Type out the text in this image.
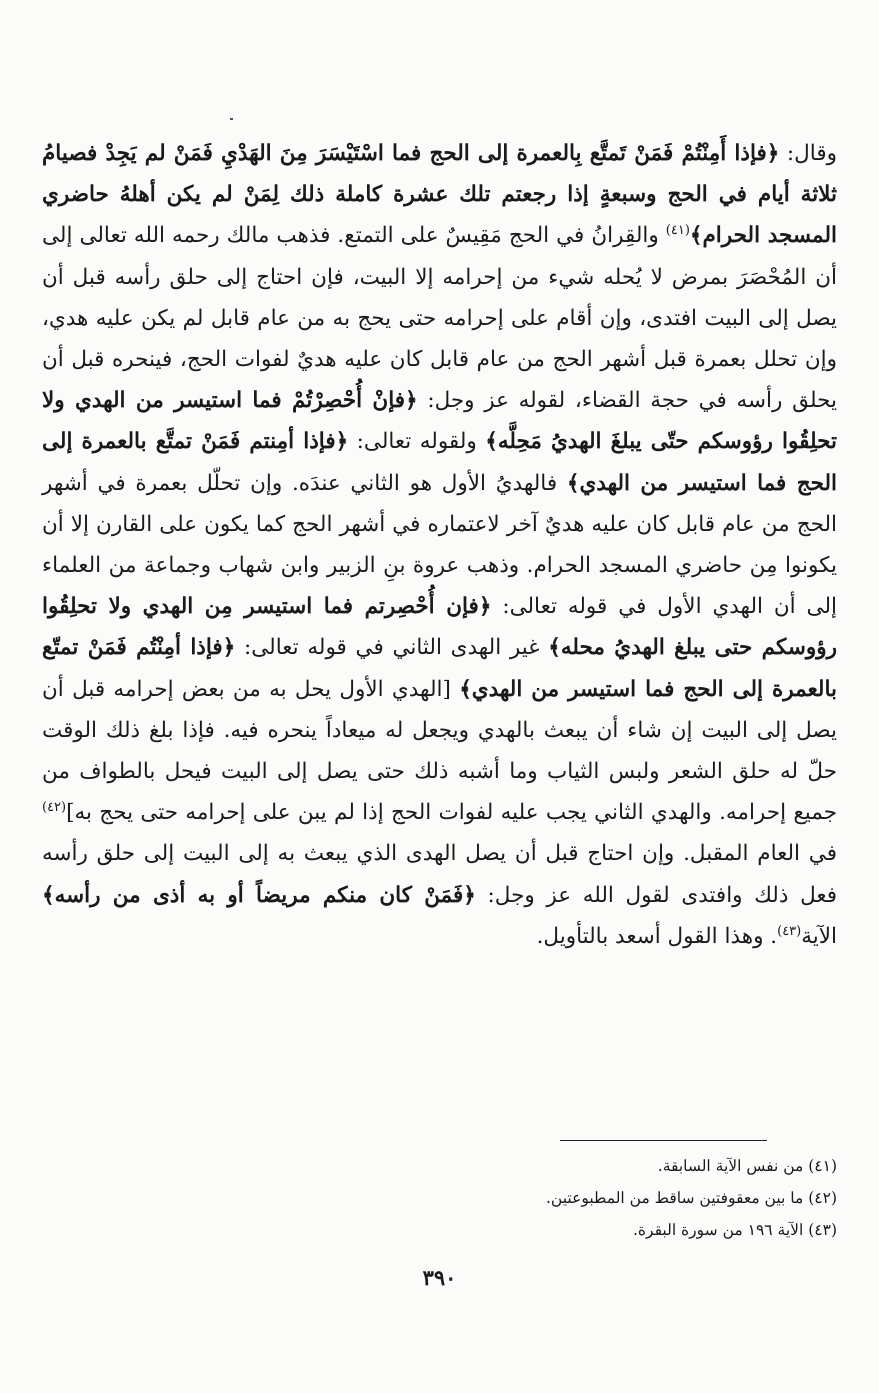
وقال: ﴿فإذا أَمِنْتُمْ فَمَنْ تَمتَّع بِالعمرة إلى الحج فما اسْتَيْسَرَ مِنَ الهَدْيِ فَمَنْ لم يَجِدْ فصيامُ ثلاثة أيام في الحج وسبعةٍ إذا رجعتم تلك عشرة كاملة ذلك لِمَنْ لم يكن أهلهُ حاضري المسجد الحرام﴾$^{(٤١)}$ والقِرانُ في الحج مَقِيسٌ على التمتع. فذهب مالك رحمه الله تعالى إلى أن المُحْصَرَ بمرض لا يُحله شيء من إحرامه إلا البيت، فإن احتاج إلى حلق رأسه قبل أن يصل إلى البيت افتدى، وإن أقام على إحرامه حتى يحج به من عام قابل لم يكن عليه هدي، وإن تحلل بعمرة قبل أشهر الحج من عام قابل كان عليه هديٌ لفوات الحج، فينحره قبل أن يحلق رأسه في حجة القضاء، لقوله عز وجل: ﴿فإنْ أُحْصِرْتُمْ فما استيسر من الهدي ولا تحلِقُوا رؤوسكم حتّى يبلغَ الهديُ مَحِلَّه﴾ ولقوله تعالى: ﴿فإذا أمِنتم فَمَنْ تمتَّع بالعمرة إلى الحج فما استيسر من الهدي﴾ فالهديُ الأول هو الثاني عندَه. وإن تحلّل بعمرة في أشهر الحج من عام قابل كان عليه هديٌ آخر لاعتماره في أشهر الحج كما يكون على القارن إلا أن يكونوا مِن حاضري المسجد الحرام. وذهب عروة بنِ الزبير وابن شهاب وجماعة من العلماء إلى أن الهدي الأول في قوله تعالى: ﴿فإن أُحْصِرتم فما استيسر مِن الهدي ولا تحلِقُوا رؤوسكم حتى يبلغ الهديُ محله﴾ غير الهدى الثاني في قوله تعالى: ﴿فإذا أمِنْتُم فَمَنْ تمتّع بالعمرة إلى الحج فما استيسر من الهدي﴾ [الهدي الأول يحل به من بعض إحرامه قبل أن يصل إلى البيت إن شاء أن يبعث بالهدي ويجعل له ميعاداً ينحره فيه. فإذا بلغ ذلك الوقت حلّ له حلق الشعر ولبس الثياب وما أشبه ذلك حتى يصل إلى البيت فيحل بالطواف من جميع إحرامه. والهدي الثاني يجب عليه لفوات الحج إذا لم يبن على إحرامه حتى يحج به]$^{(٤٢)}$ في العام المقبل. وإن احتاج قبل أن يصل الهدى الذي يبعث به إلى البيت إلى حلق رأسه فعل ذلك وافتدى لقول الله عز وجل: ﴿فَمَنْ كان منكم مريضاً أو به أذى من رأسه﴾ الآية$^{(٤٣)}$. وهذا القول أسعد بالتأويل.
(٤١) من نفس الآية السابقة.
(٤٢) ما بين معقوفتين ساقط من المطبوعتين.
(٤٣) الآية ١٩٦ من سورة البقرة.
٣٩٠
